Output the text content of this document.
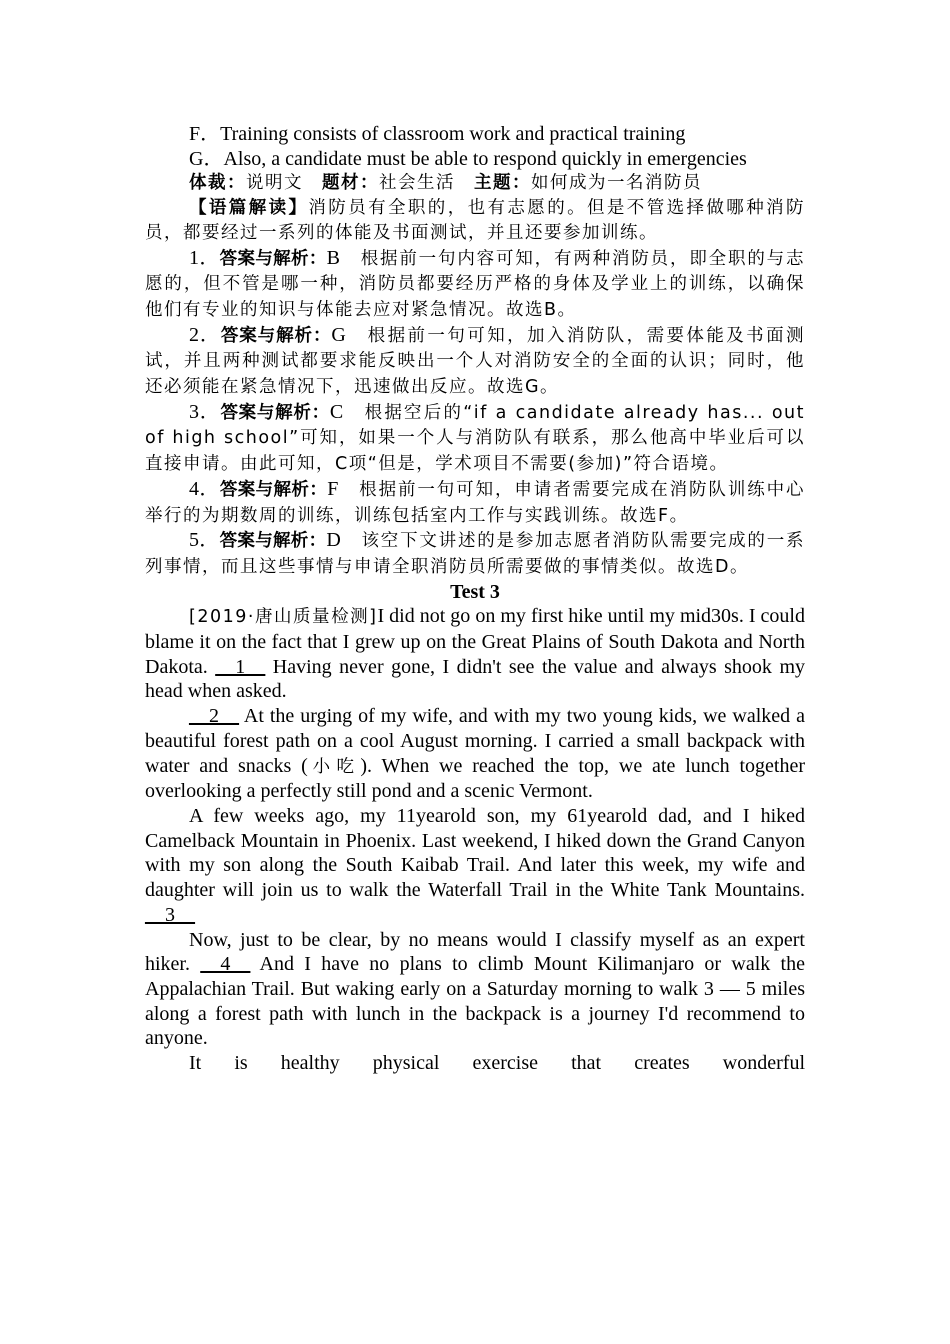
F．Training consists of classroom work and practical training

G．Also, a candidate must be able to respond quickly in emergencies

体裁：说明文　 题材：社会生活　 主题：如何成为一名消防员

【语篇解读】消防员有全职的，也有志愿的。但是不管选择做哪种消防员，都要经过一系列的体能及书面测试，并且还要参加训练。

1．答案与解析：B　 根据前一句内容可知，有两种消防员，即全职的与志愿的，但不管是哪一种，消防员都要经历严格的身体及学业上的训练，以确保他们有专业的知识与体能去应对紧急情况。故选B。

2．答案与解析：G　 根据前一句可知，加入消防队，需要体能及书面测试，并且两种测试都要求能反映出一个人对消防安全的全面的认识；同时，他还必须能在紧急情况下，迅速做出反应。故选G。

3．答案与解析：C　 根据空后的“if a candidate already has... out of high school”可知，如果一个人与消防队有联系，那么他高中毕业后可以直接申请。由此可知，C项“但是，学术项目不需要(参加)”符合语境。

4．答案与解析：F　 根据前一句可知，申请者需要完成在消防队训练中心举行的为期数周的训练，训练包括室内工作与实践训练。故选F。

5．答案与解析：D　 该空下文讲述的是参加志愿者消防队需要完成的一系列事情，而且这些事情与申请全职消防员所需要做的事情类似。故选D。

Test 3

[2019·唐山质量检测]I did not go on my first hike until my mid30s. I could blame it on the fact that I grew up on the Great Plains of South Dakota and North Dakota. __1__ Having never gone, I didn't see the value and always shook my head when asked.

__2__ At the urging of my wife, and with my two young kids, we walked a beautiful forest path on a cool August morning. I carried a small backpack with water and snacks (小吃). When we reached the top, we ate lunch together overlooking a perfectly still pond and a scenic Vermont.

A few weeks ago, my 11yearold son, my 61yearold dad, and I hiked Camelback Mountain in Phoenix. Last weekend, I hiked down the Grand Canyon with my son along the South Kaibab Trail. And later this week, my wife and daughter will join us to walk the Waterfall Trail in the White Tank Mountains. __3__

Now, just to be clear, by no means would I classify myself as an expert hiker. __4__ And I have no plans to climb Mount Kilimanjaro or walk the Appalachian Trail. But waking early on a Saturday morning to walk 3 — 5 miles along a forest path with lunch in the backpack is a journey I'd recommend to anyone.

It is healthy physical exercise that creates wonderful
